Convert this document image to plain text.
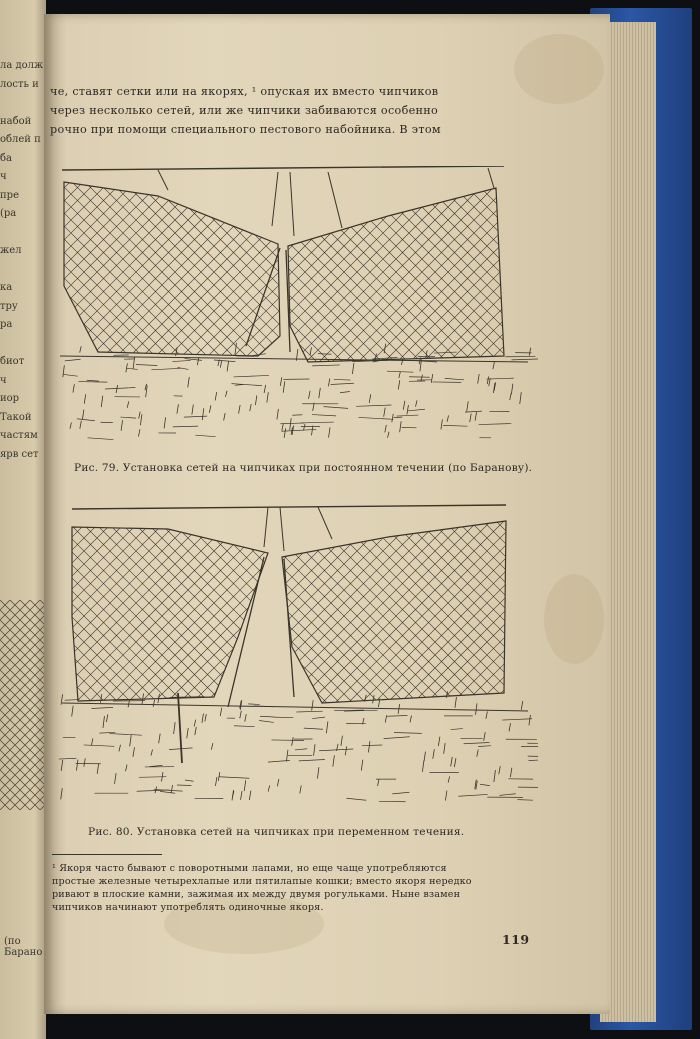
ла долж
лость и
набой
облей п
ба
ч
пре
(ра
жел
ка
тру
ра
биот
ч
иор
Такой
частям
ярв сет
(по Барано
че, ставят сетки или на якорях, ¹ опуская их вместо чипчиков
через несколько сетей, или же чипчики забиваются особенно
рочно при помощи специального пестового набойника. В этом
Рис. 79. Установка сетей на чипчиках при постоянном течении (по Баранову).
Рис. 80. Установка сетей на чипчиках при переменном течения.
¹ Якоря часто бывают с поворотными лапами, но еще чаще употребляются
простые железные четырехлапые или пятилапые кошки; вместо якоря нередко
ривают в плоские камни, зажимая их между двумя рогульками. Ныне взамен
чипчиков начинают употреблять одиночные якоря.
119
